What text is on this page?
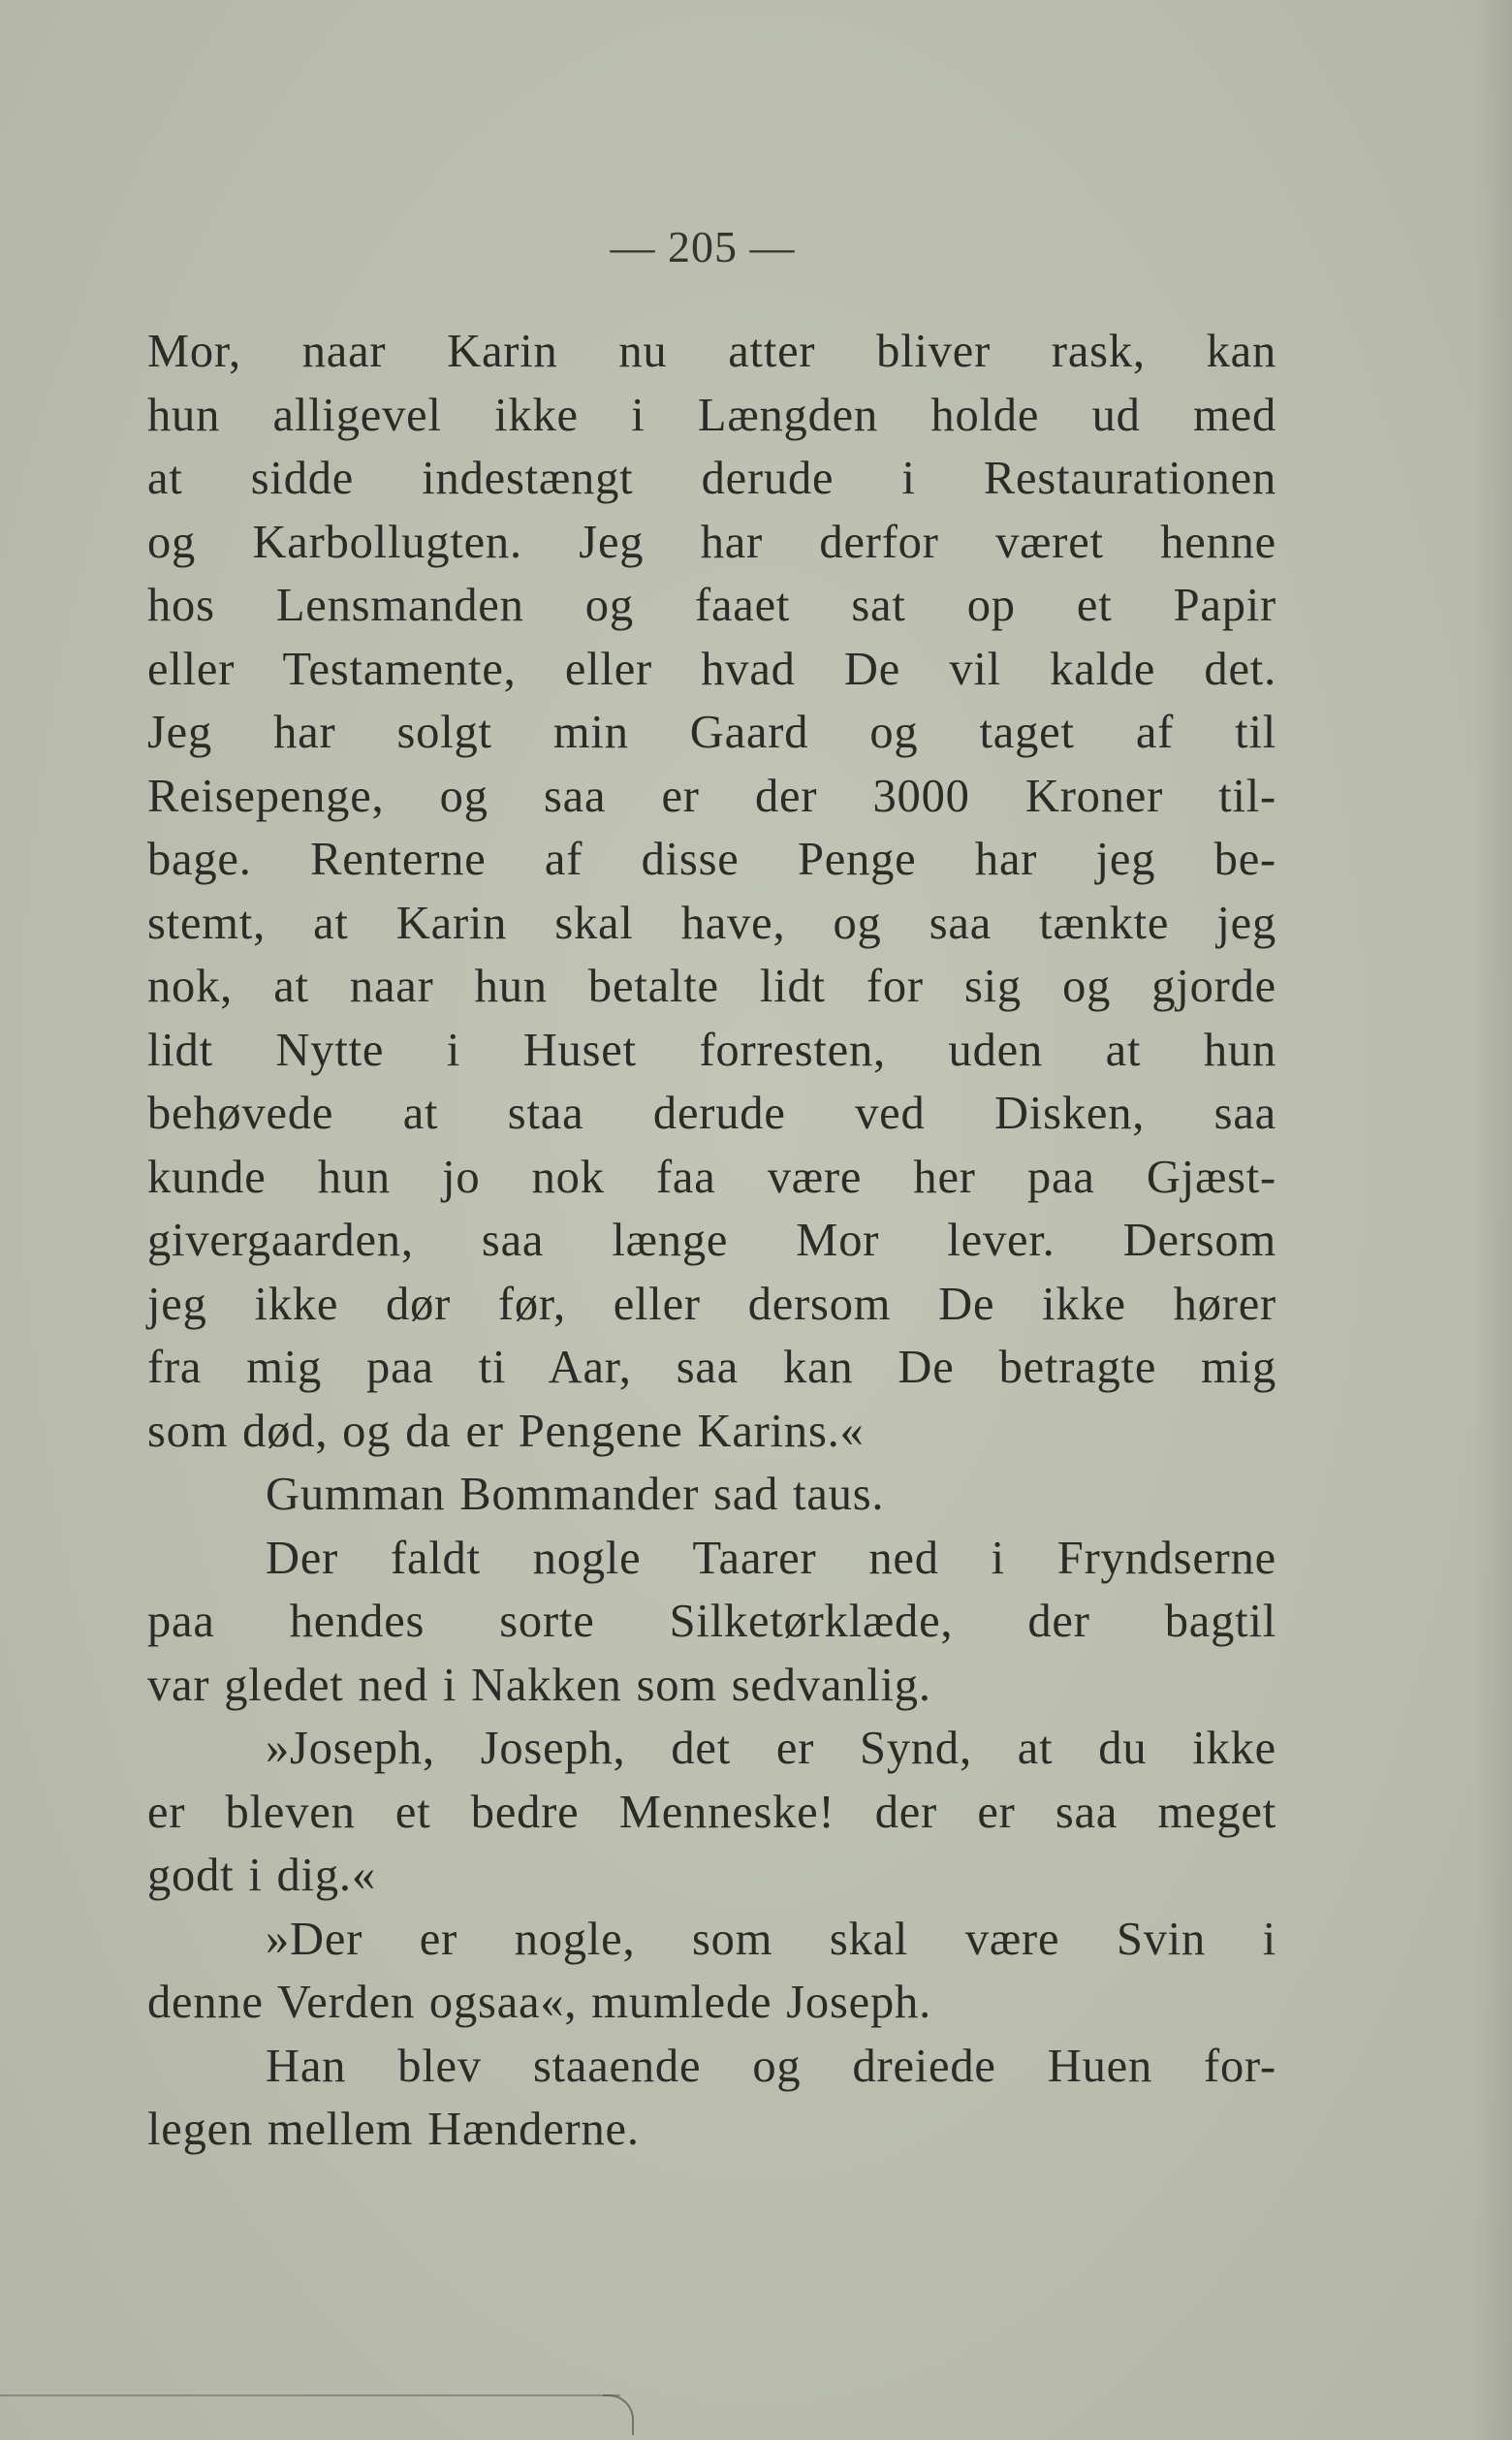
— 205 —
Mor, naar Karin nu atter bliver rask, kan
hun alligevel ikke i Længden holde ud med
at sidde indestængt derude i Restaurationen
og Karbollugten. Jeg har derfor været henne
hos Lensmanden og faaet sat op et Papir
eller Testamente, eller hvad De vil kalde det.
Jeg har solgt min Gaard og taget af til
Reisepenge, og saa er der 3000 Kroner til-
bage. Renterne af disse Penge har jeg be-
stemt, at Karin skal have, og saa tænkte jeg
nok, at naar hun betalte lidt for sig og gjorde
lidt Nytte i Huset forresten, uden at hun
behøvede at staa derude ved Disken, saa
kunde hun jo nok faa være her paa Gjæst-
givergaarden, saa længe Mor lever. Dersom
jeg ikke dør før, eller dersom De ikke hører
fra mig paa ti Aar, saa kan De betragte mig
som død, og da er Pengene Karins.«
Gumman Bommander sad taus.
Der faldt nogle Taarer ned i Fryndserne
paa hendes sorte Silketørklæde, der bagtil
var gledet ned i Nakken som sedvanlig.
»Joseph, Joseph, det er Synd, at du ikke
er bleven et bedre Menneske! der er saa meget
godt i dig.«
»Der er nogle, som skal være Svin i
denne Verden ogsaa«, mumlede Joseph.
Han blev staaende og dreiede Huen for-
legen mellem Hænderne.
